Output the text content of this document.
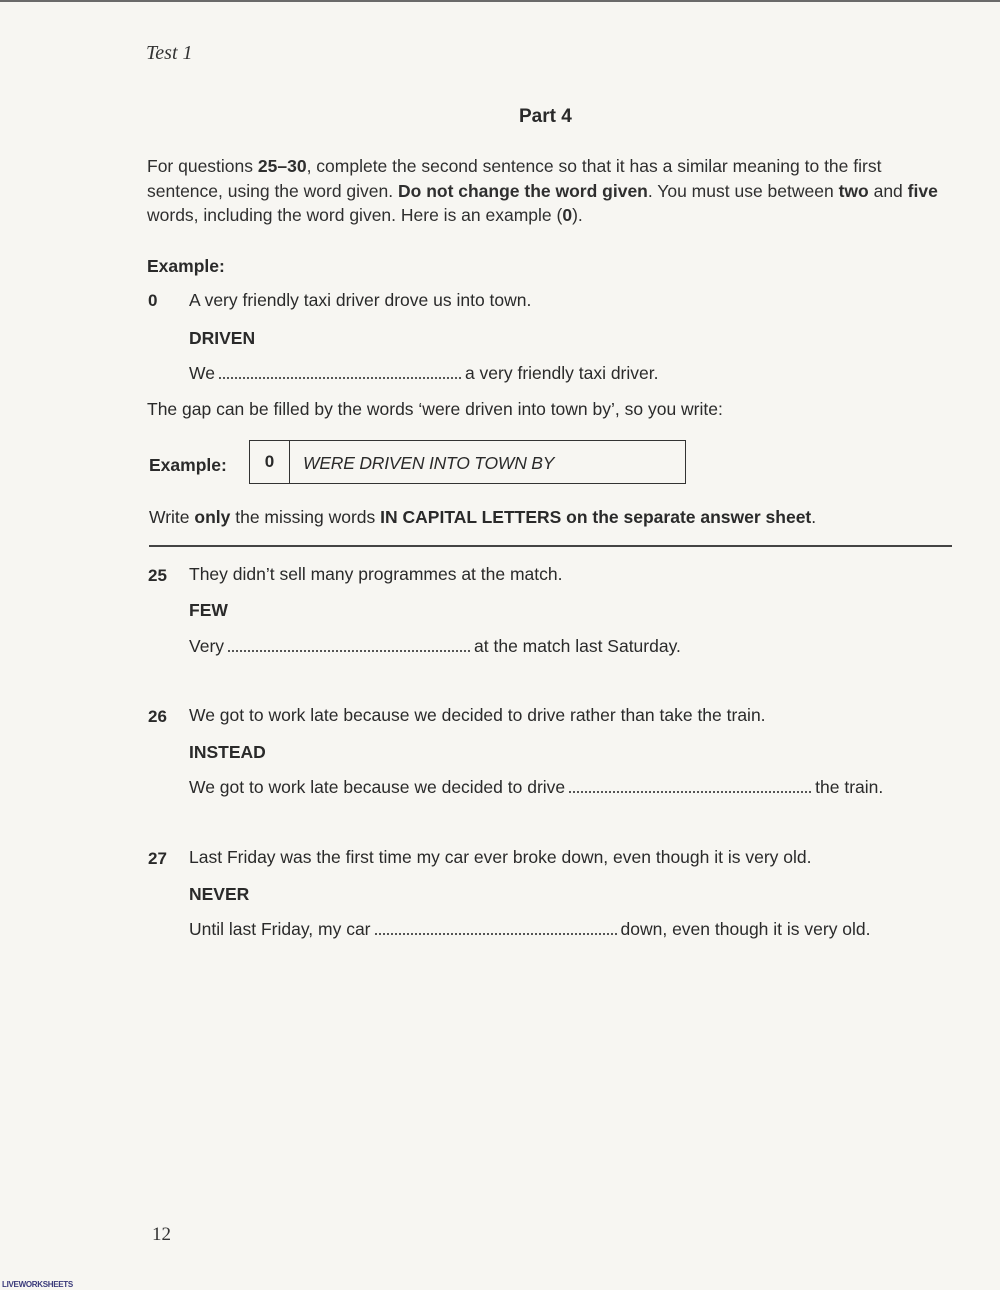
Test 1
Part 4
For questions 25–30, complete the second sentence so that it has a similar meaning to the first sentence, using the word given. Do not change the word given. You must use between two and five words, including the word given. Here is an example (0).
Example:
0 A very friendly taxi driver drove us into town.
DRIVEN
We	a very friendly taxi driver.
The gap can be filled by the words ‘were driven into town by’, so you write:
Example:	0	WERE DRIVEN INTO TOWN BY
Write only the missing words IN CAPITAL LETTERS on the separate answer sheet.
25 They didn’t sell many programmes at the match.
FEW
Very	at the match last Saturday.
26 We got to work late because we decided to drive rather than take the train.
INSTEAD
We got to work late because we decided to drive	the train.
27 Last Friday was the first time my car ever broke down, even though it is very old.
NEVER
Until last Friday, my car	down, even though it is very old.
12
LIVEWORKSHEETS
